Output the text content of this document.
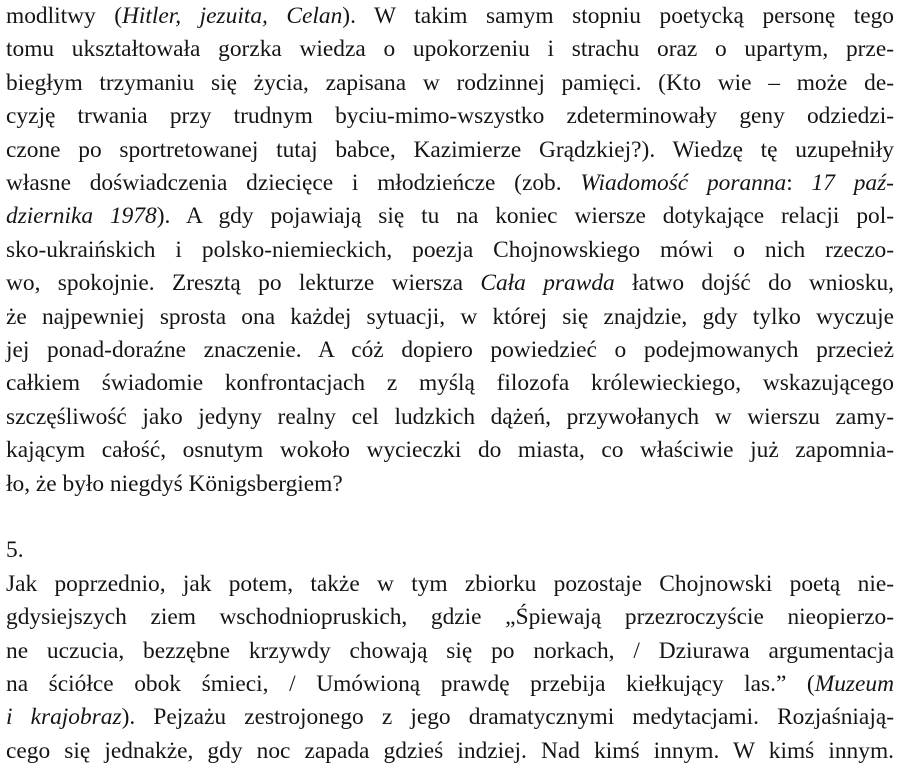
modlitwy (Hitler, jezuita, Celan). W takim samym stopniu poetycką personę tego
tomu ukształtowała gorzka wiedza o upokorzeniu i strachu oraz o upartym, prze-
biegłym trzymaniu się życia, zapisana w rodzinnej pamięci. (Kto wie – może de-
cyzję trwania przy trudnym byciu-mimo-wszystko zdeterminowały geny odziedzi-
czone po sportretowanej tutaj babce, Kazimierze Grądzkiej?). Wiedzę tę uzupełniły
własne doświadczenia dziecięce i młodzieńcze (zob. Wiadomość poranna: 17 paź-
dziernika 1978). A gdy pojawiają się tu na koniec wiersze dotykające relacji pol-
sko-ukraińskich i polsko-niemieckich, poezja Chojnowskiego mówi o nich rzeczo-
wo, spokojnie. Zresztą po lekturze wiersza Cała prawda łatwo dojść do wniosku,
że najpewniej sprosta ona każdej sytuacji, w której się znajdzie, gdy tylko wyczuje
jej ponad-doraźne znaczenie. A cóż dopiero powiedzieć o podejmowanych przecież
całkiem świadomie konfrontacjach z myślą filozofa królewieckiego, wskazującego
szczęśliwość jako jedyny realny cel ludzkich dążeń, przywołanych w wierszu zamy-
kającym całość, osnutym wokoło wycieczki do miasta, co właściwie już zapomnia-
ło, że było niegdyś Königsbergiem?
5.
Jak poprzednio, jak potem, także w tym zbiorku pozostaje Chojnowski poetą nie-
gdysiejszych ziem wschodniopruskich, gdzie „Śpiewają przezroczyście nieopierzo-
ne uczucia, bezzębne krzywdy chowają się po norkach, / Dziurawa argumentacja
na ściółce obok śmieci, / Umówioną prawdę przebija kiełkujący las.” (Muzeum
i krajobraz). Pejzażu zestrojonego z jego dramatycznymi medytacjami. Rozjaśniają-
cego się jednakże, gdy noc zapada gdzieś indziej. Nad kimś innym. W kimś innym.
